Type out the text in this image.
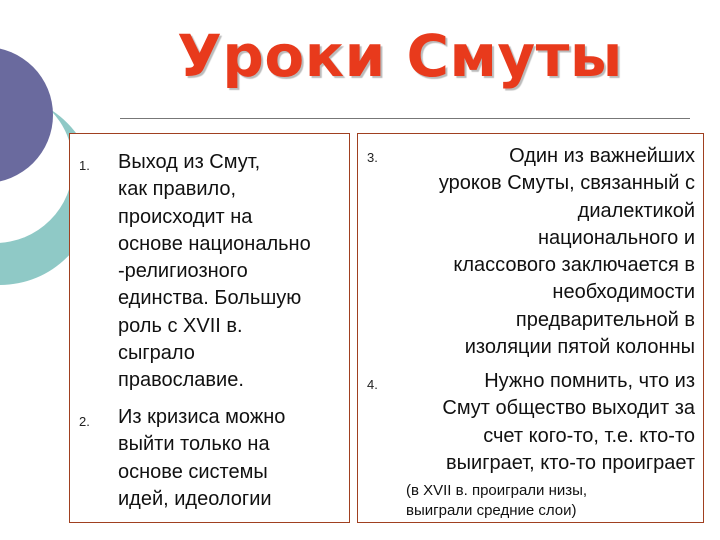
Уроки Смуты
1. Выход из Смут,
как правило,
происходит на
основе национально
-религиозного
единства. Большую
роль с XVII в.
сыграло
православие.
2. Из кризиса можно
выйти только на
основе системы
идей, идеологии
3.	Один из важнейших
уроков Смуты, связанный с
диалектикой
национального и
классового заключается в
необходимости
предварительной в
изоляции пятой колонны
4.	Нужно помнить, что из
Смут общество выходит за
счет кого-то, т.е. кто-то
выиграет, кто-то проиграет
(в XVII в. проиграли низы,
выиграли средние слои)
